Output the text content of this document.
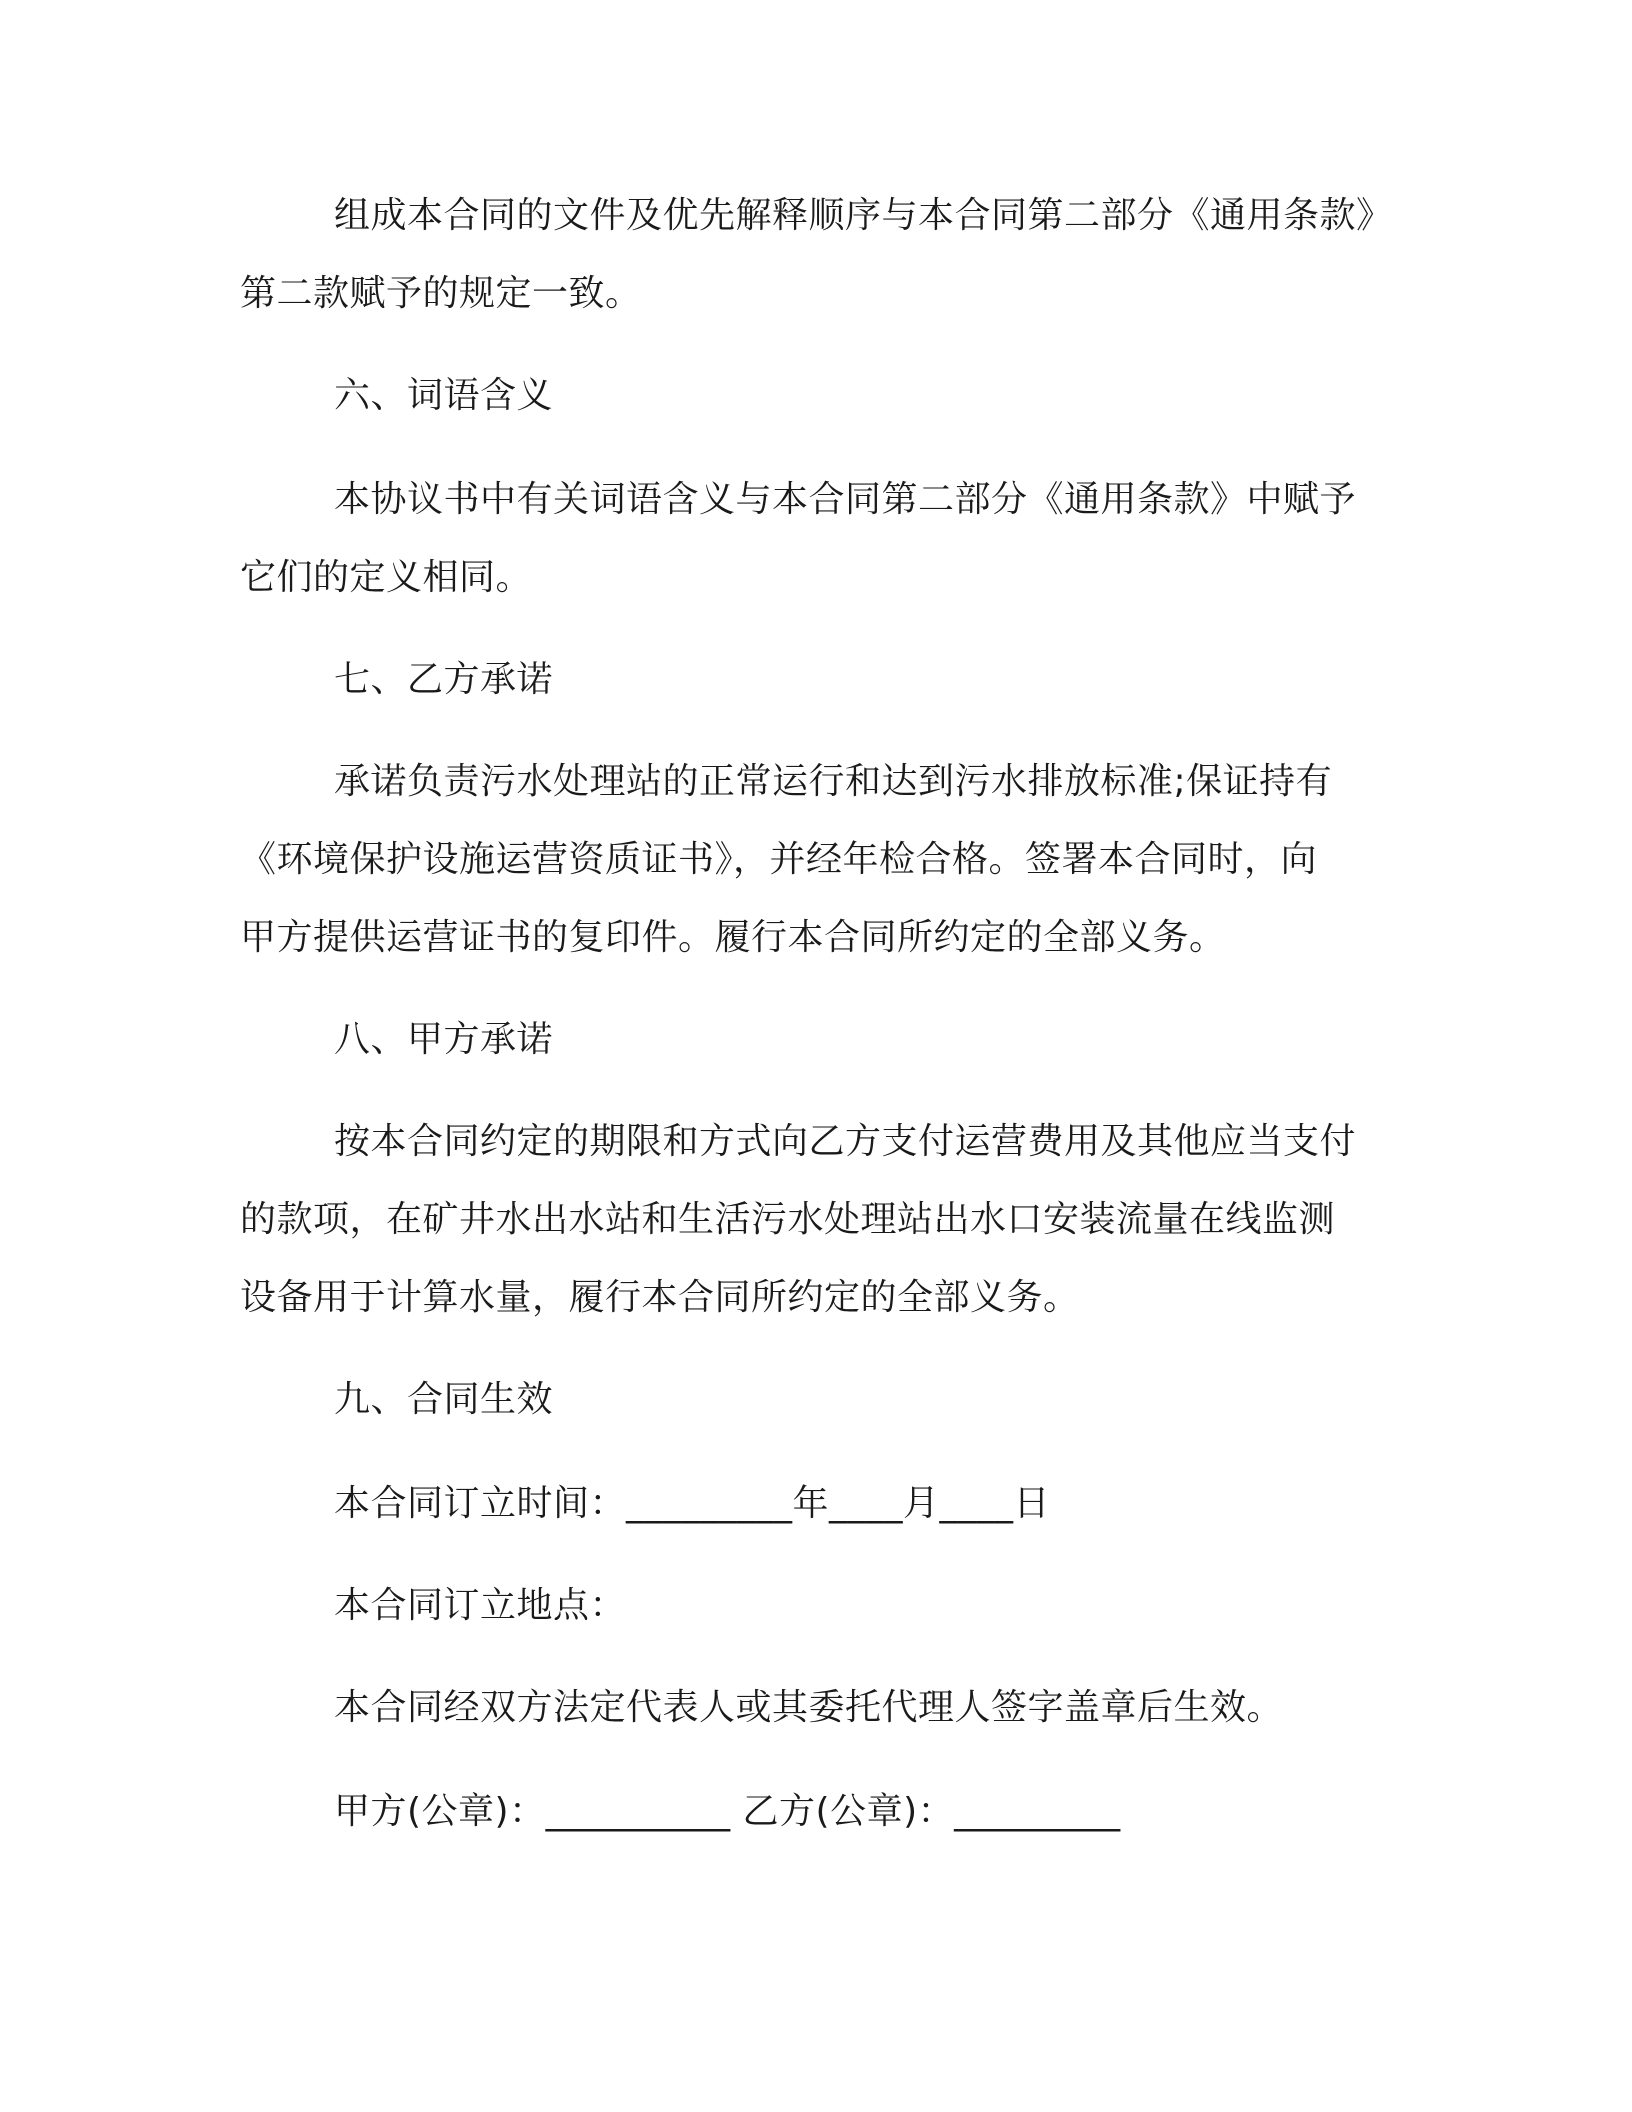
组成本合同的文件及优先解释顺序与本合同第二部分《通用条款》
第二款赋予的规定一致。
六、词语含义
本协议书中有关词语含义与本合同第二部分《通用条款》中赋予
它们的定义相同。
七、乙方承诺
承诺负责污水处理站的正常运行和达到污水排放标准;保证持有
《环境保护设施运营资质证书》，并经年检合格。签署本合同时，向
甲方提供运营证书的复印件。履行本合同所约定的全部义务。
八、甲方承诺
按本合同约定的期限和方式向乙方支付运营费用及其他应当支付
的款项，在矿井水出水站和生活污水处理站出水口安装流量在线监测
设备用于计算水量，履行本合同所约定的全部义务。
九、合同生效
本合同订立时间：_________年____月____日
本合同订立地点：
本合同经双方法定代表人或其委托代理人签字盖章后生效。
甲方(公章)：__________ 乙方(公章)：_________
